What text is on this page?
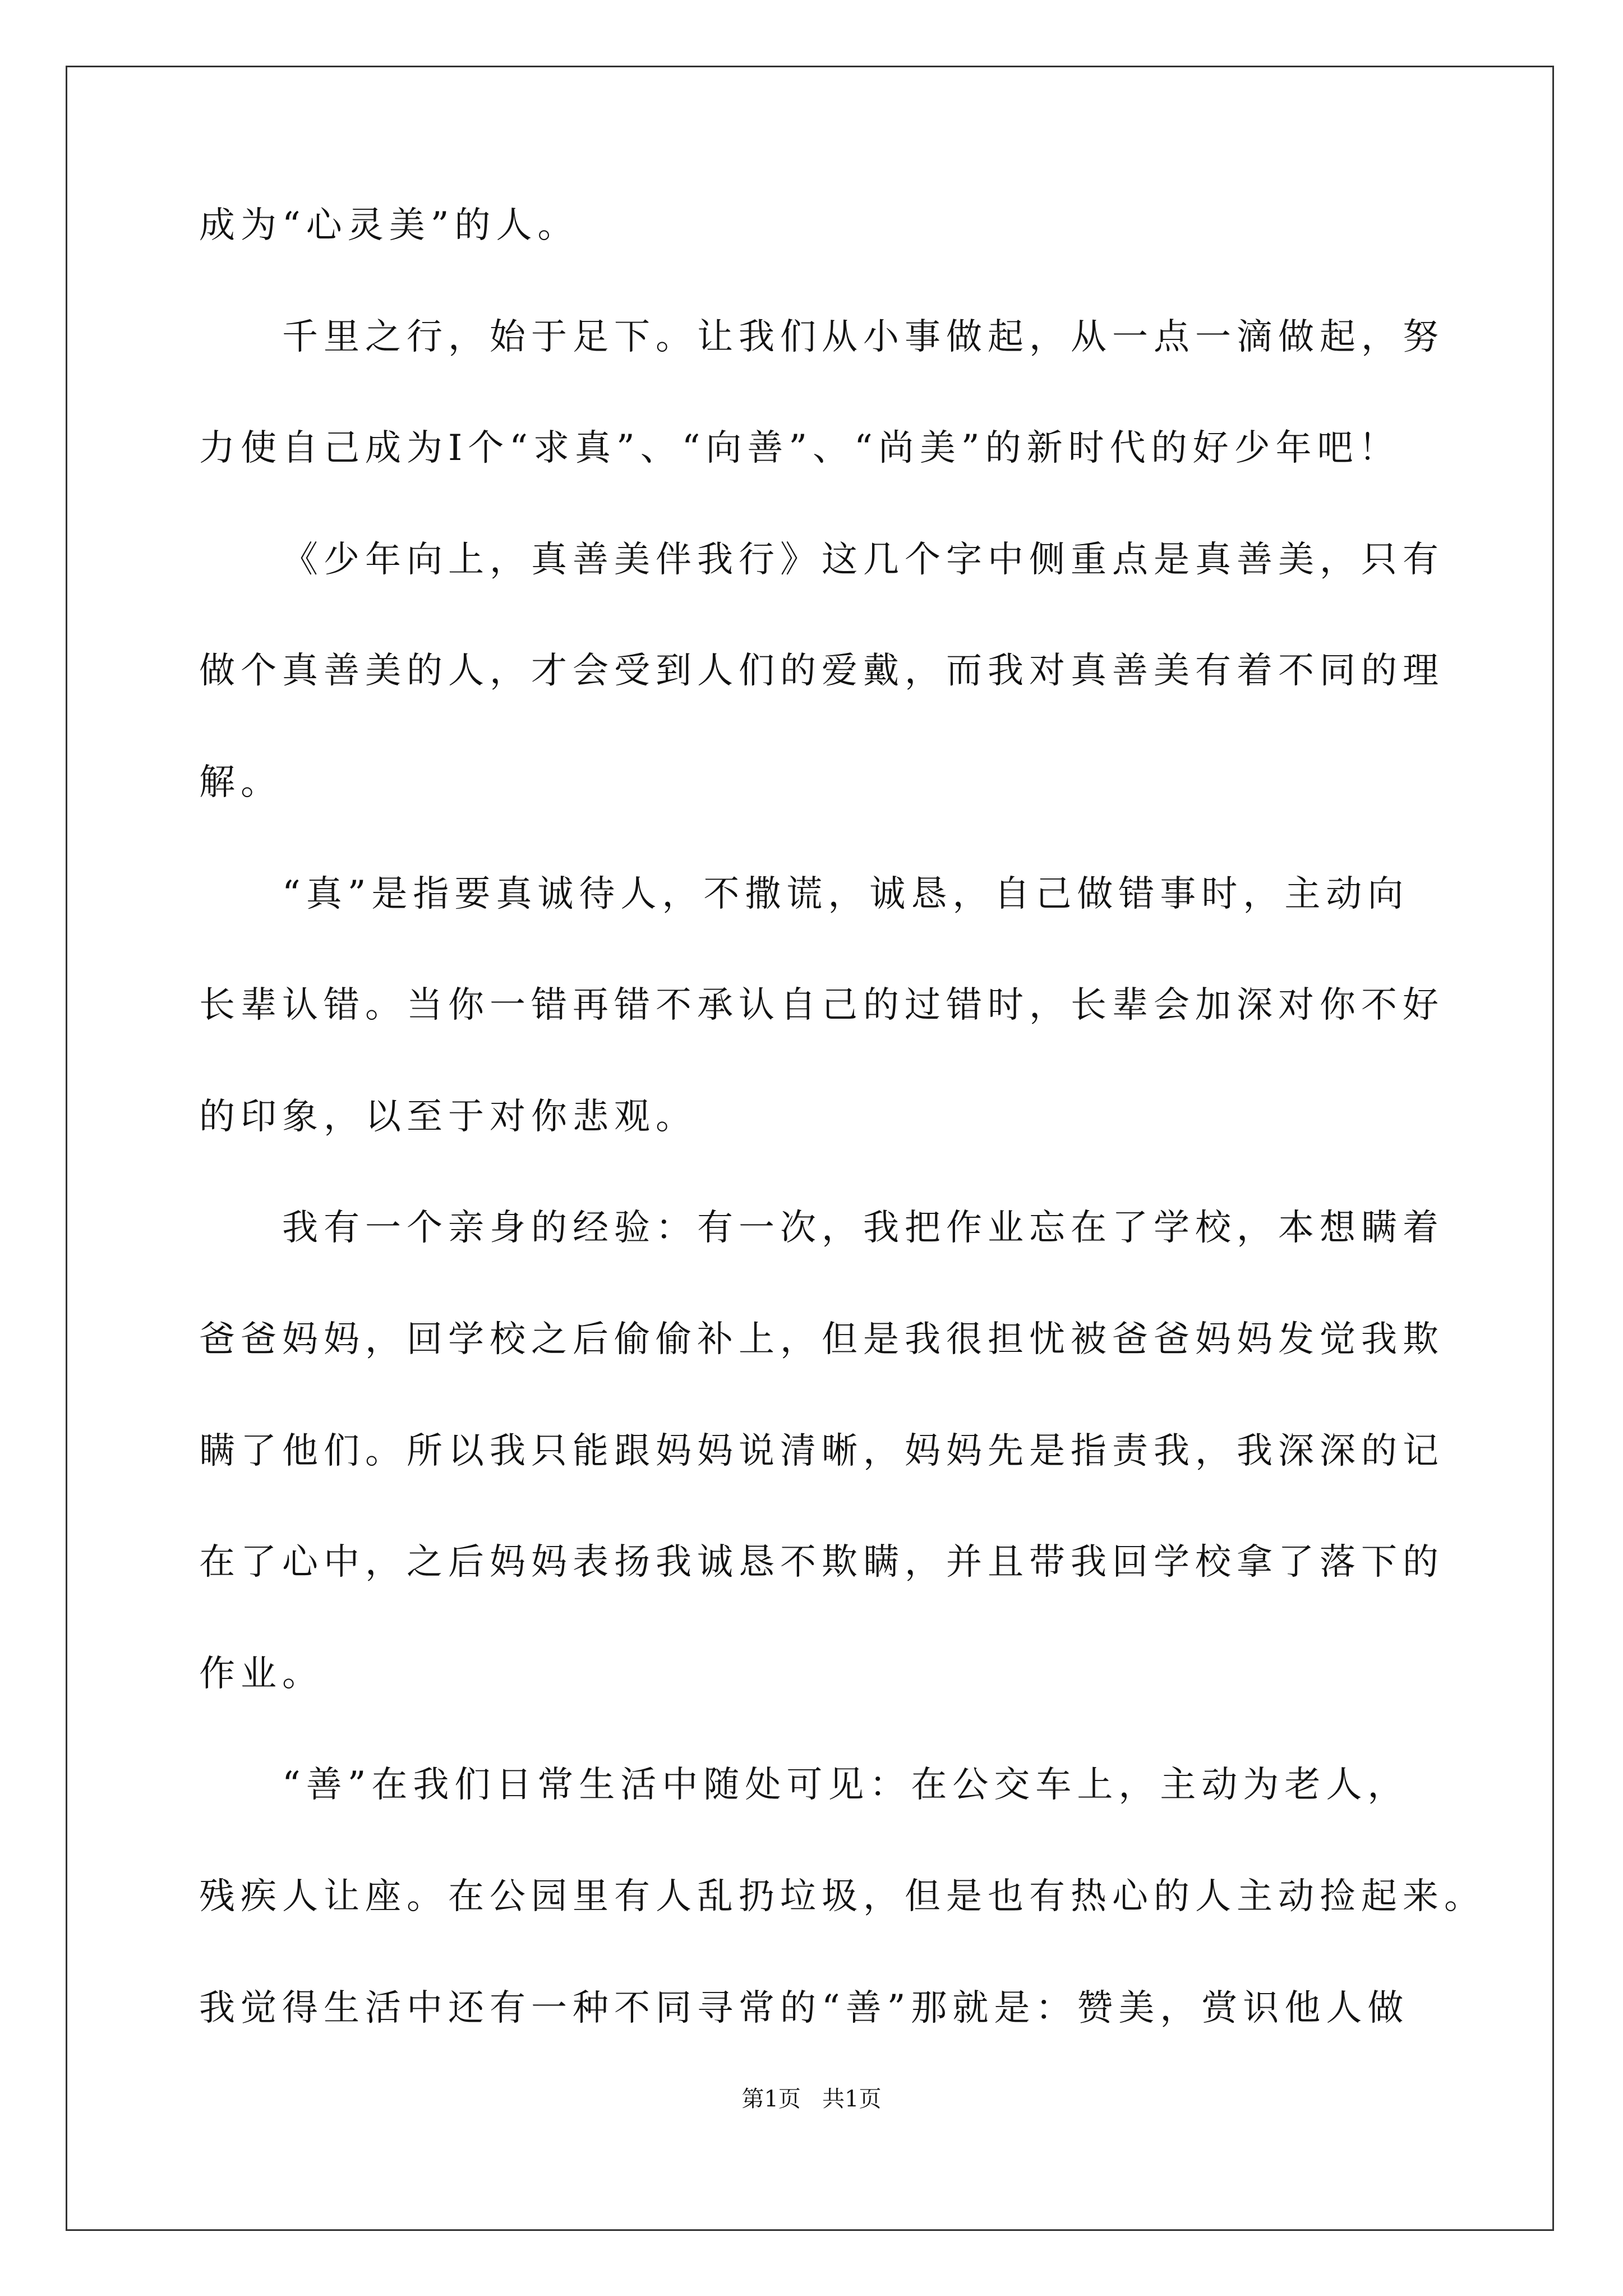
成为“心灵美”的人。
千里之行，始于足下。让我们从小事做起，从一点一滴做起，努
力使自己成为Ⅰ个“求真”、“向善”、“尚美”的新时代的好少年吧！
《少年向上，真善美伴我行》这几个字中侧重点是真善美，只有
做个真善美的人，才会受到人们的爱戴，而我对真善美有着不同的理
解。
“真”是指要真诚待人，不撒谎，诚恳，自己做错事时，主动向
长辈认错。当你一错再错不承认自己的过错时，长辈会加深对你不好
的印象，以至于对你悲观。
我有一个亲身的经验：有一次，我把作业忘在了学校，本想瞒着
爸爸妈妈，回学校之后偷偷补上，但是我很担忧被爸爸妈妈发觉我欺
瞒了他们。所以我只能跟妈妈说清晰，妈妈先是指责我，我深深的记
在了心中，之后妈妈表扬我诚恳不欺瞒，并且带我回学校拿了落下的
作业。
“善”在我们日常生活中随处可见：在公交车上，主动为老人，
残疾人让座。在公园里有人乱扔垃圾，但是也有热心的人主动捡起来。
我觉得生活中还有一种不同寻常的“善”那就是：赞美，赏识他人做
第1页   共1页
